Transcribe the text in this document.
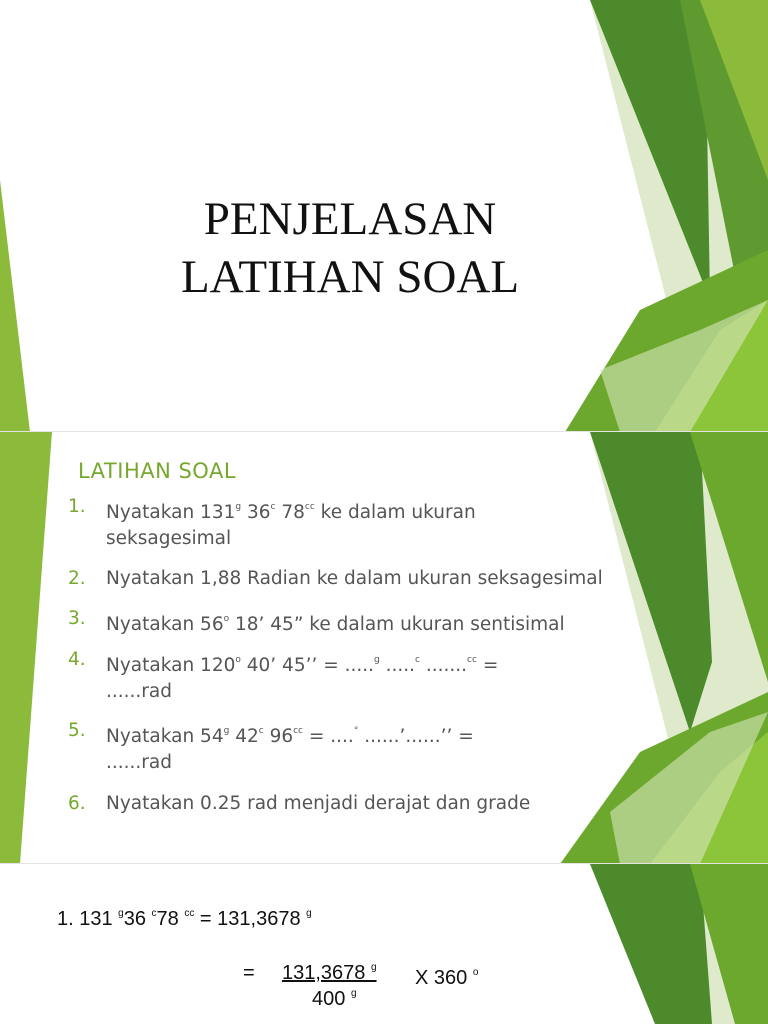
PENJELASAN
LATIHAN SOAL
LATIHAN SOAL
1. Nyatakan 131$^g$ 36$^c$ $78^{cc}$ ke dalam ukuran
seksagesimal
2. Nyatakan 1,88 Radian ke dalam ukuran seksagesimal
3. Nyatakan 56$^o$ 18’ 45” ke dalam ukuran sentisimal
4. Nyatakan 120$^o$ 40’ 45’’ = .....$^g$ .....$^c$ .......$^{cc}$ =
......rad
5. Nyatakan 54$^g$ 42$^c$ $96^{cc} = ....^\circ$ ......’......’’ =
......rad
6. Nyatakan 0.25 rad menjadi derajat dan grade
1. 131 $^g$36 $^c$78 $^{cc}$ = 131,3678 $^g$
= 131,3678 $^g$ X 360 $^o$
400 $^g$
